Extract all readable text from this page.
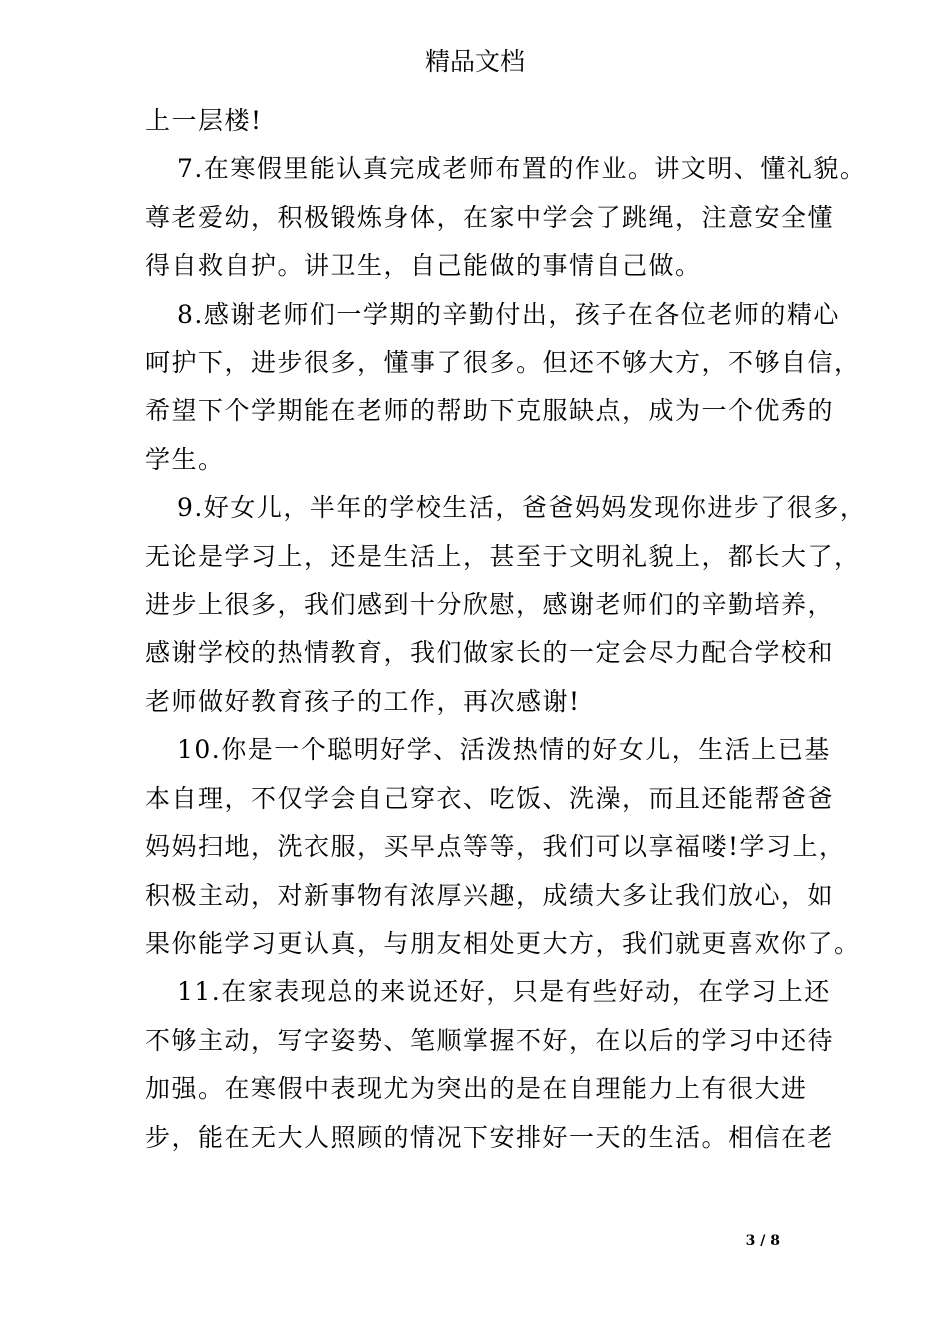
精品文档
上一层楼!
7.在寒假里能认真完成老师布置的作业。讲文明、懂礼貌。
尊老爱幼，积极锻炼身体，在家中学会了跳绳，注意安全懂
得自救自护。讲卫生，自己能做的事情自己做。
8.感谢老师们一学期的辛勤付出，孩子在各位老师的精心
呵护下，进步很多，懂事了很多。但还不够大方，不够自信，
希望下个学期能在老师的帮助下克服缺点，成为一个优秀的
学生。
9.好女儿，半年的学校生活，爸爸妈妈发现你进步了很多，
无论是学习上，还是生活上，甚至于文明礼貌上，都长大了，
进步上很多，我们感到十分欣慰，感谢老师们的辛勤培养，
感谢学校的热情教育，我们做家长的一定会尽力配合学校和
老师做好教育孩子的工作，再次感谢!
10.你是一个聪明好学、活泼热情的好女儿，生活上已基
本自理，不仅学会自己穿衣、吃饭、洗澡，而且还能帮爸爸
妈妈扫地，洗衣服，买早点等等，我们可以享福喽!学习上，
积极主动，对新事物有浓厚兴趣，成绩大多让我们放心，如
果你能学习更认真，与朋友相处更大方，我们就更喜欢你了。
11.在家表现总的来说还好，只是有些好动，在学习上还
不够主动，写字姿势、笔顺掌握不好，在以后的学习中还待
加强。在寒假中表现尤为突出的是在自理能力上有很大进
步，能在无大人照顾的情况下安排好一天的生活。相信在老
3 / 8
